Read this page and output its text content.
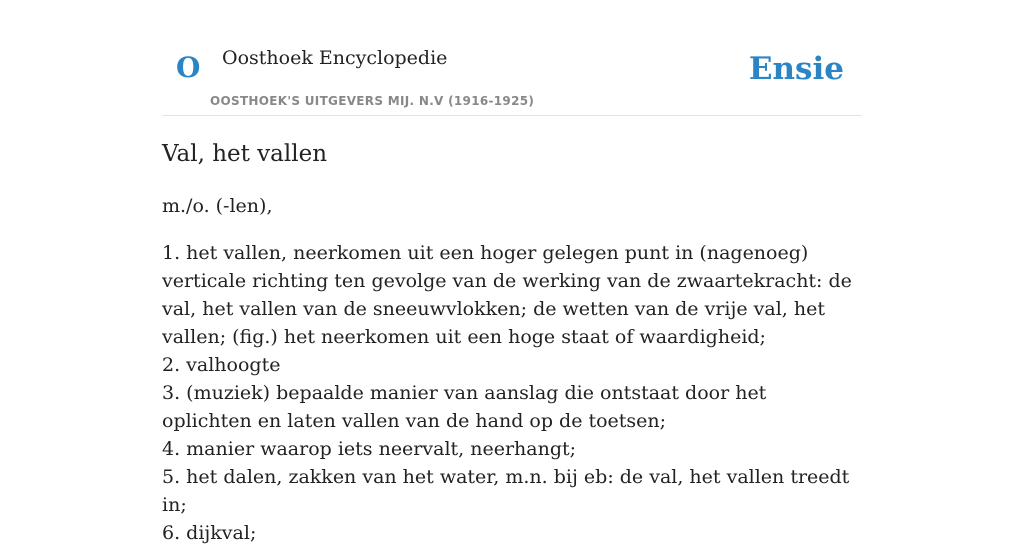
O Oosthoek Encyclopedie
OOSTHOEK'S UITGEVERS MIJ. N.V (1916-1925)
Ensie
Val, het vallen
m./o. (-len),
1. het vallen, neerkomen uit een hoger gelegen punt in (nagenoeg) verticale richting ten gevolge van de werking van de zwaartekracht: de val, het vallen van de sneeuwvlokken; de wetten van de vrije val, het vallen; (fig.) het neerkomen uit een hoge staat of waardigheid;
2. valhoogte
3. (muziek) bepaalde manier van aanslag die ontstaat door het oplichten en laten vallen van de hand op de toetsen;
4. manier waarop iets neervalt, neerhangt;
5. het dalen, zakken van het water, m.n. bij eb: de val, het vallen treedt in;
6. dijkval;
